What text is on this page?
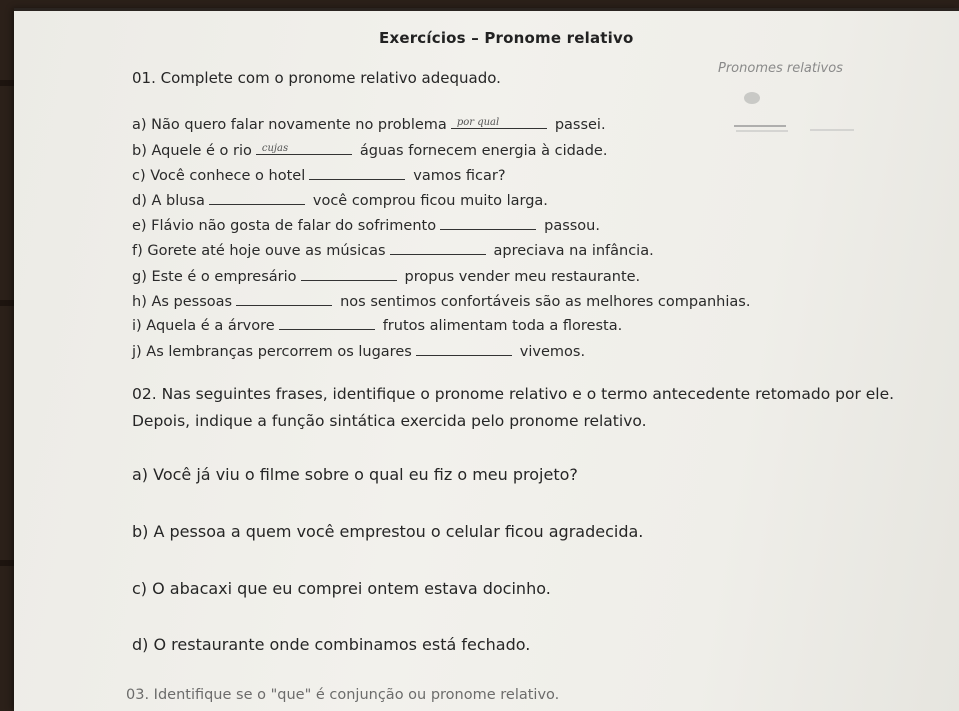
Exercícios – Pronome relativo
Pronomes relativos
01. Complete com o pronome relativo adequado.
a) Não quero falar novamente no problema por qual	passei.
b) Aquele é o rio cujas	águas fornecem energia à cidade.
c) Você conhece o hotel	vamos ficar?
d) A blusa	você comprou ficou muito larga.
e) Flávio não gosta de falar do sofrimento	passou.
f) Gorete até hoje ouve as músicas	apreciava na infância.
g) Este é o empresário	propus vender meu restaurante.
h) As pessoas	nos sentimos confortáveis são as melhores companhias.
i) Aquela é a árvore	frutos alimentam toda a floresta.
j) As lembranças percorrem os lugares	vivemos.
02. Nas seguintes frases, identifique o pronome relativo e o termo antecedente retomado por ele. Depois, indique a função sintática exercida pelo pronome relativo.
a) Você já viu o filme sobre o qual eu fiz o meu projeto?
b) A pessoa a quem você emprestou o celular ficou agradecida.
c) O abacaxi que eu comprei ontem estava docinho.
d) O restaurante onde combinamos está fechado.
03. Identifique se o "que" é conjunção ou pronome relativo.
